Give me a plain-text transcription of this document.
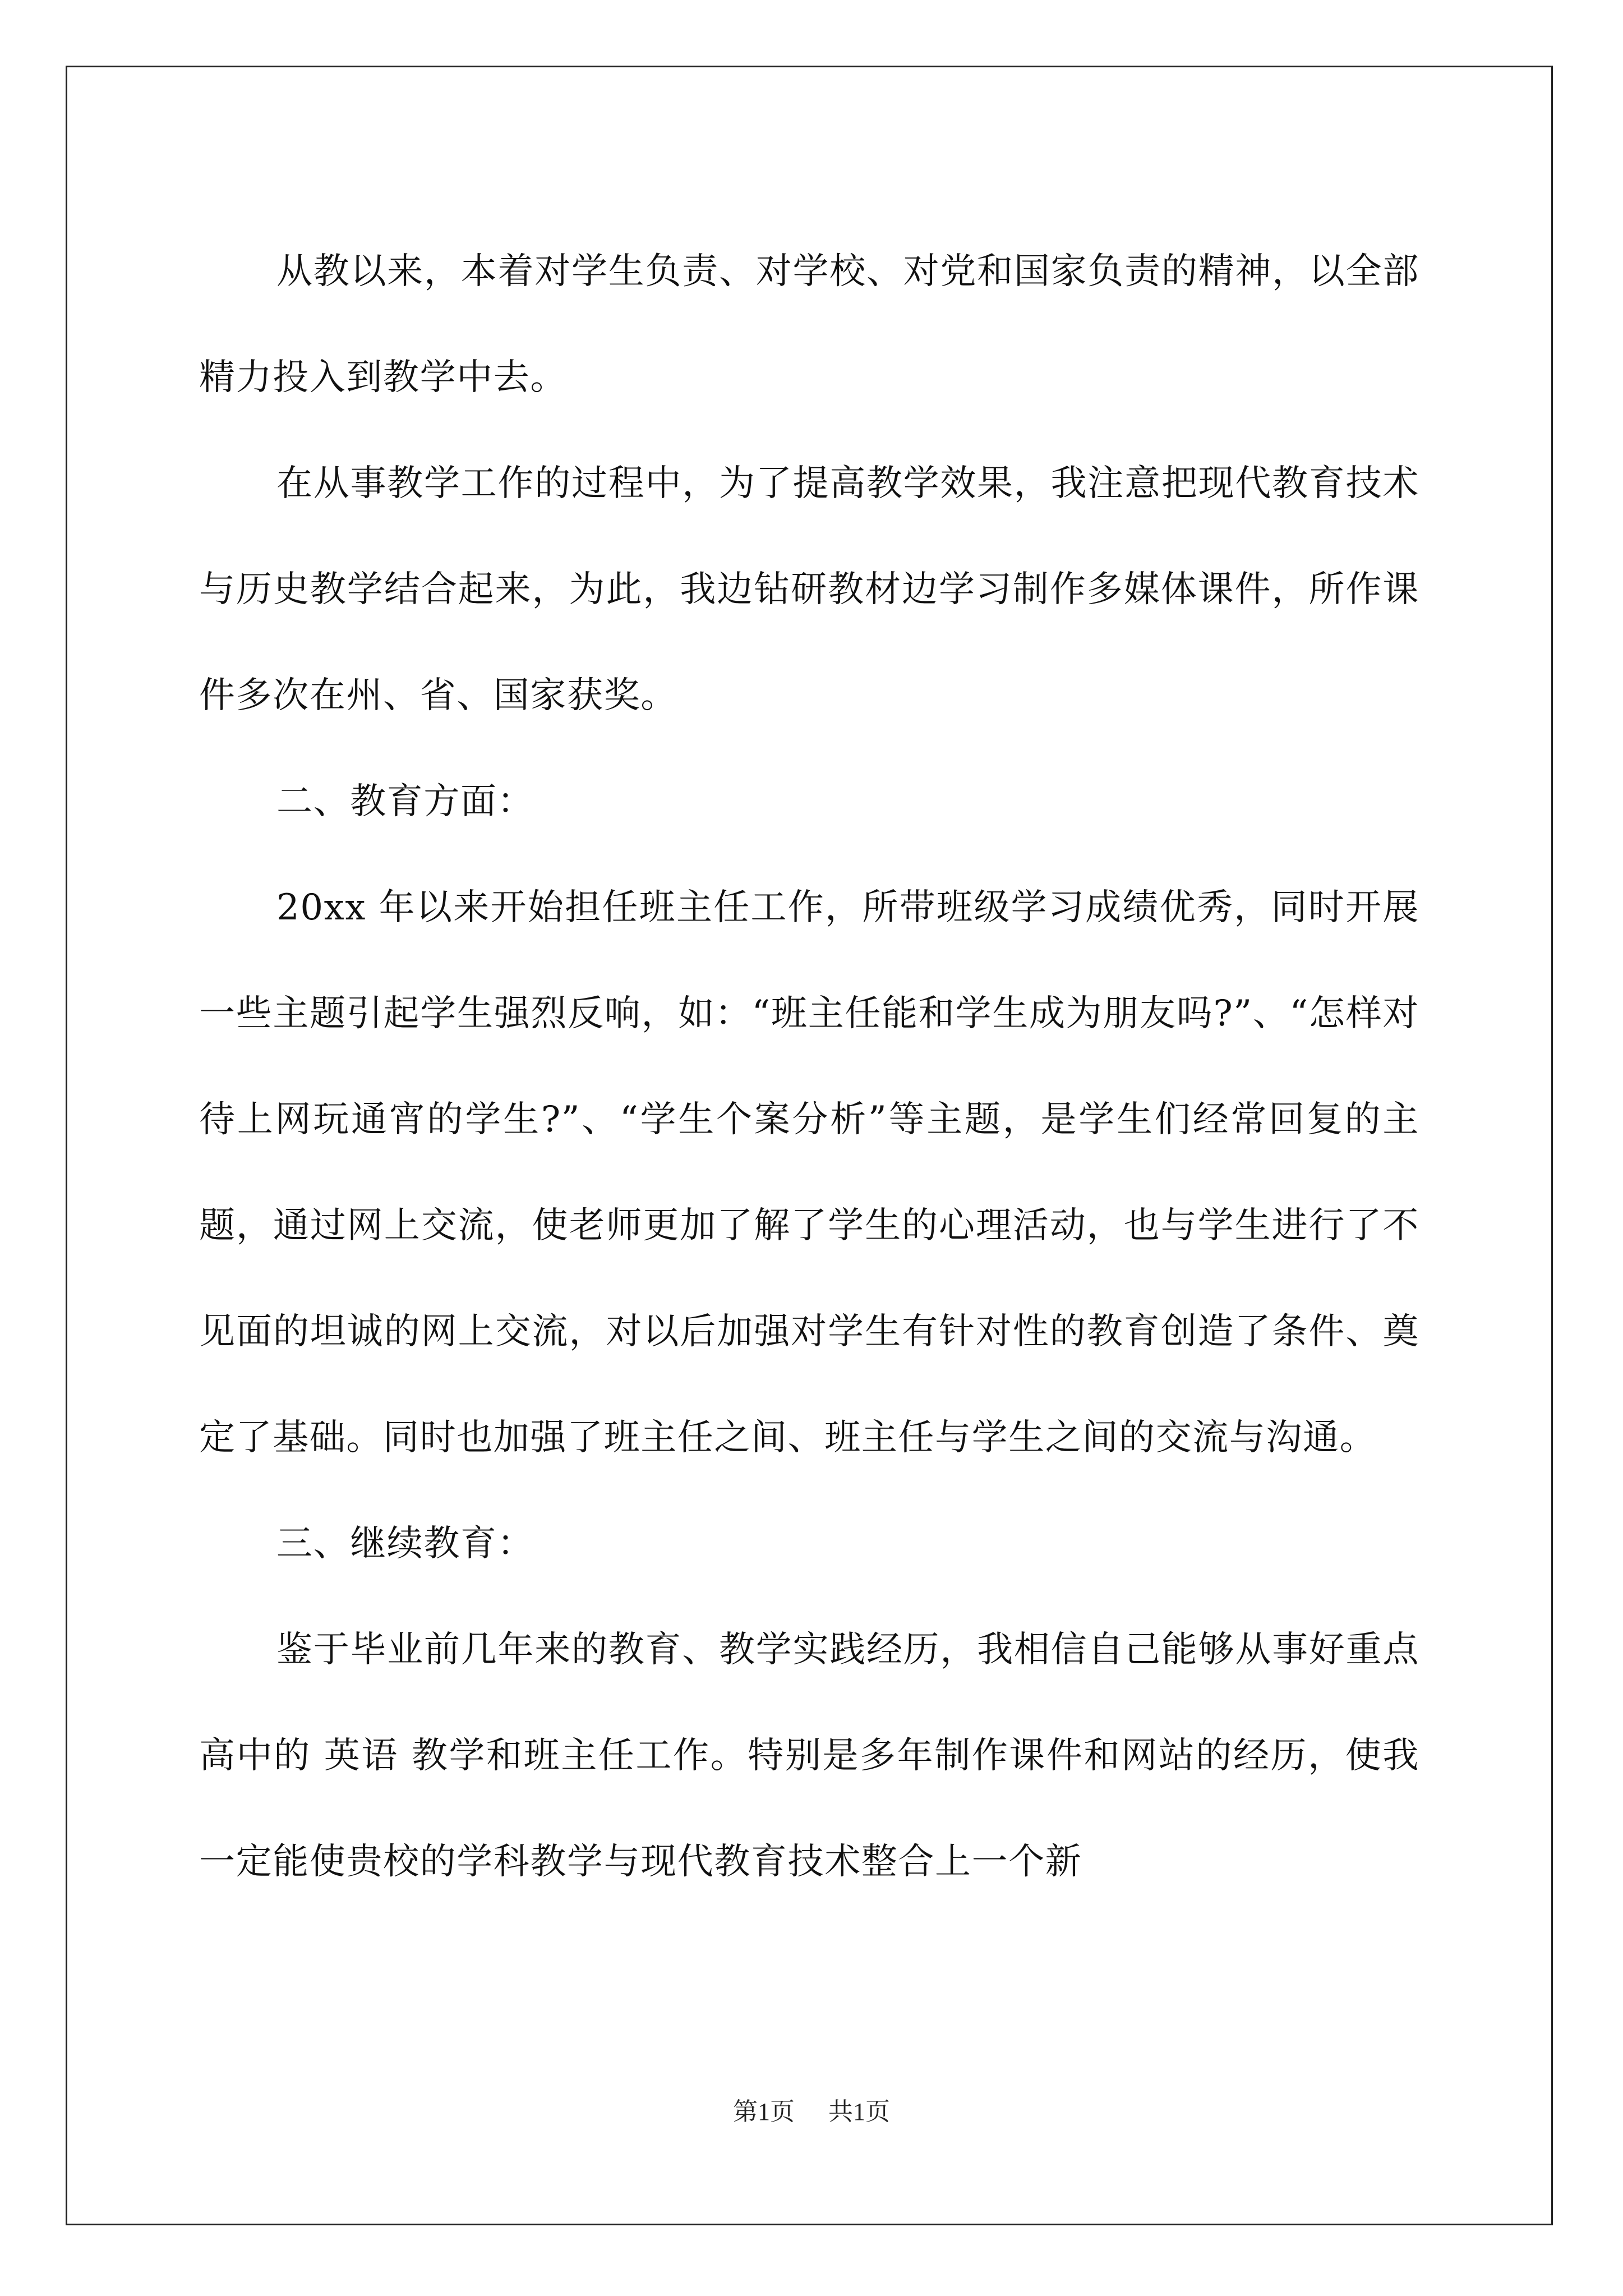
从教以来，本着对学生负责、对学校、对党和国家负责的精神，以全部精力投入到教学中去。

在从事教学工作的过程中，为了提高教学效果，我注意把现代教育技术与历史教学结合起来，为此，我边钻研教材边学习制作多媒体课件，所作课件多次在州、省、国家获奖。

二、教育方面：

20xx 年以来开始担任班主任工作，所带班级学习成绩优秀，同时开展一些主题引起学生强烈反响，如：“班主任能和学生成为朋友吗?”、“怎样对待上网玩通宵的学生?”、“学生个案分析”等主题，是学生们经常回复的主题，通过网上交流，使老师更加了解了学生的心理活动，也与学生进行了不见面的坦诚的网上交流，对以后加强对学生有针对性的教育创造了条件、奠定了基础。同时也加强了班主任之间、班主任与学生之间的交流与沟通。

三、继续教育：

鉴于毕业前几年来的教育、教学实践经历，我相信自己能够从事好重点高中的 英语 教学和班主任工作。特别是多年制作课件和网站的经历，使我一定能使贵校的学科教学与现代教育技术整合上一个新

第1页 共1页
